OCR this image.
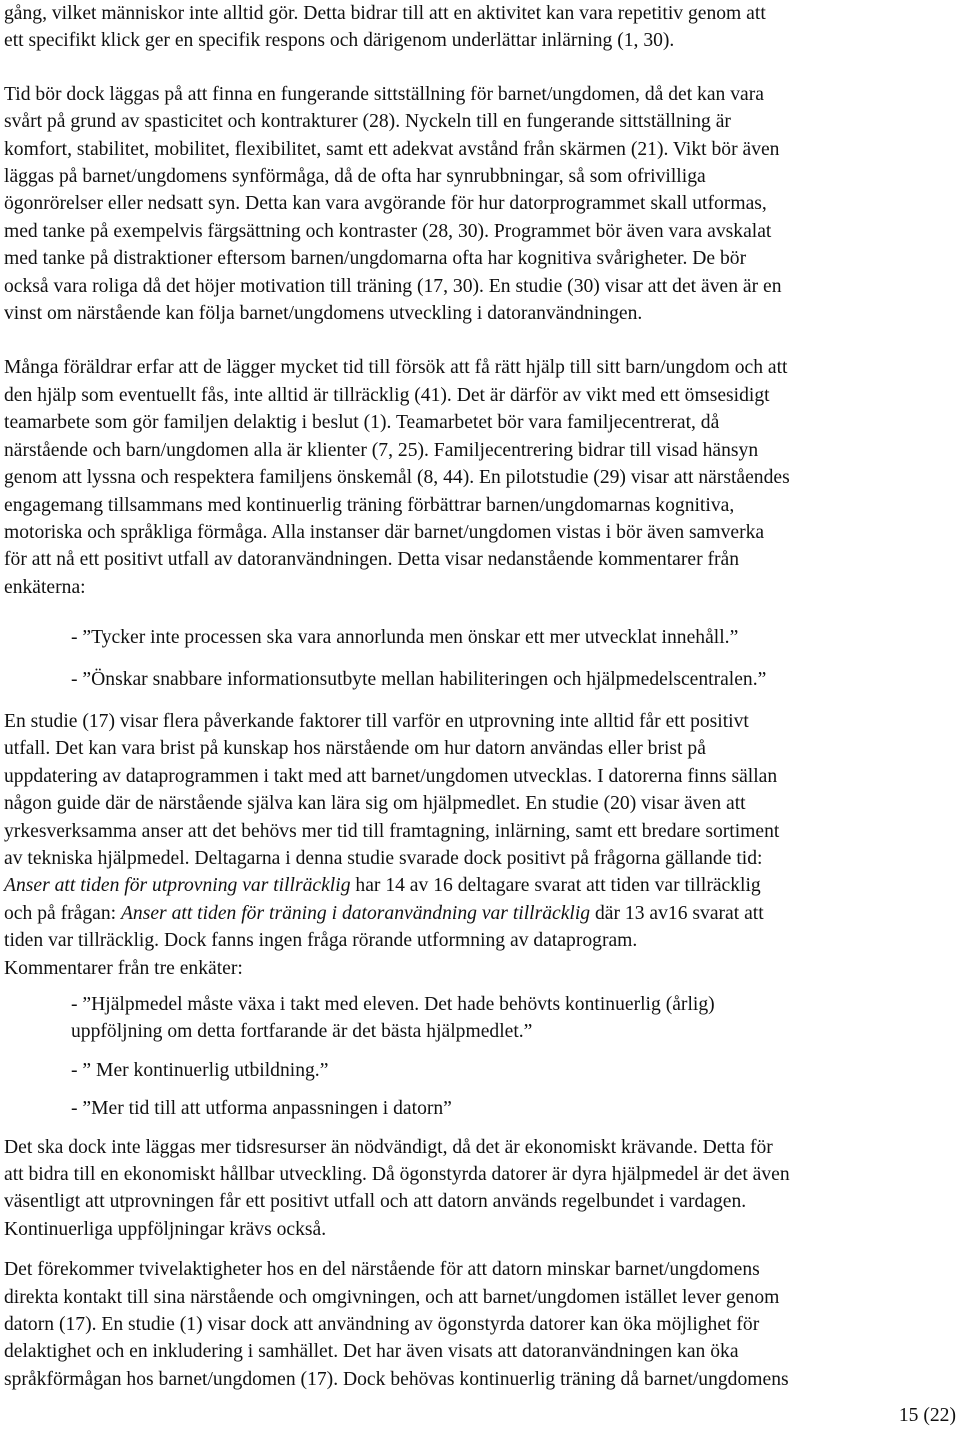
gång, vilket människor inte alltid gör. Detta bidrar till att en aktivitet kan vara repetitiv genom att
ett specifikt klick ger en specifik respons och därigenom underlättar inlärning (1, 30).

Tid bör dock läggas på att finna en fungerande sittställning för barnet/ungdomen, då det kan vara
svårt på grund av spasticitet och kontrakturer (28). Nyckeln till en fungerande sittställning är
komfort, stabilitet, mobilitet, flexibilitet, samt ett adekvat avstånd från skärmen (21). Vikt bör även
läggas på barnet/ungdomens synförmåga, då de ofta har synrubbningar, så som ofrivilliga
ögonrörelser eller nedsatt syn. Detta kan vara avgörande för hur datorprogrammet skall utformas,
med tanke på exempelvis färgsättning och kontraster (28, 30). Programmet bör även vara avskalat
med tanke på distraktioner eftersom barnen/ungdomarna ofta har kognitiva svårigheter. De bör
också vara roliga då det höjer motivation till träning (17, 30). En studie (30) visar att det även är en
vinst om närstående kan följa barnet/ungdomens utveckling i datoranvändningen.

Många föräldrar erfar att de lägger mycket tid till försök att få rätt hjälp till sitt barn/ungdom och att
den hjälp som eventuellt fås, inte alltid är tillräcklig (41). Det är därför av vikt med ett ömsesidigt
teamarbete som gör familjen delaktig i beslut (1). Teamarbetet bör vara familjecentrerat, då
närstående och barn/ungdomen alla är klienter (7, 25). Familjecentrering bidrar till visad hänsyn
genom att lyssna och respektera familjens önskemål (8, 44). En pilotstudie (29) visar att närståendes
engagemang tillsammans med kontinuerlig träning förbättrar barnen/ungdomarnas kognitiva,
motoriska och språkliga förmåga. Alla instanser där barnet/ungdomen vistas i bör även samverka
för att nå ett positivt utfall av datoranvändningen. Detta visar nedanstående kommentarer från
enkäterna:

- ”Tycker inte processen ska vara annorlunda men önskar ett mer utvecklat innehåll.”

- ”Önskar snabbare informationsutbyte mellan habiliteringen och hjälpmedelscentralen.”

En studie (17) visar flera påverkande faktorer till varför en utprovning inte alltid får ett positivt
utfall. Det kan vara brist på kunskap hos närstående om hur datorn användas eller brist på
uppdatering av dataprogrammen i takt med att barnet/ungdomen utvecklas. I datorerna finns sällan
någon guide där de närstående själva kan lära sig om hjälpmedlet. En studie (20) visar även att
yrkesverksamma anser att det behövs mer tid till framtagning, inlärning, samt ett bredare sortiment
av tekniska hjälpmedel. Deltagarna i denna studie svarade dock positivt på frågorna gällande tid:
Anser att tiden för utprovning var tillräcklig har 14 av 16 deltagare svarat att tiden var tillräcklig
och på frågan: Anser att tiden för träning i datoranvändning var tillräcklig där 13 av16 svarat att
tiden var tillräcklig. Dock fanns ingen fråga rörande utformning av dataprogram.
Kommentarer från tre enkäter:

- ”Hjälpmedel måste växa i takt med eleven. Det hade behövts kontinuerlig (årlig)
uppföljning om detta fortfarande är det bästa hjälpmedlet.”

- ” Mer kontinuerlig utbildning.”

- ”Mer tid till att utforma anpassningen i datorn”

Det ska dock inte läggas mer tidsresurser än nödvändigt, då det är ekonomiskt krävande. Detta för
att bidra till en ekonomiskt hållbar utveckling. Då ögonstyrda datorer är dyra hjälpmedel är det även
väsentligt att utprovningen får ett positivt utfall och att datorn används regelbundet i vardagen.
Kontinuerliga uppföljningar krävs också.

Det förekommer tvivelaktigheter hos en del närstående för att datorn minskar barnet/ungdomens
direkta kontakt till sina närstående och omgivningen, och att barnet/ungdomen istället lever genom
datorn (17). En studie (1) visar dock att användning av ögonstyrda datorer kan öka möjlighet för
delaktighet och en inkludering i samhället. Det har även visats att datoranvändningen kan öka
språkförmågan hos barnet/ungdomen (17). Dock behövas kontinuerlig träning då barnet/ungdomens

15 (22)
